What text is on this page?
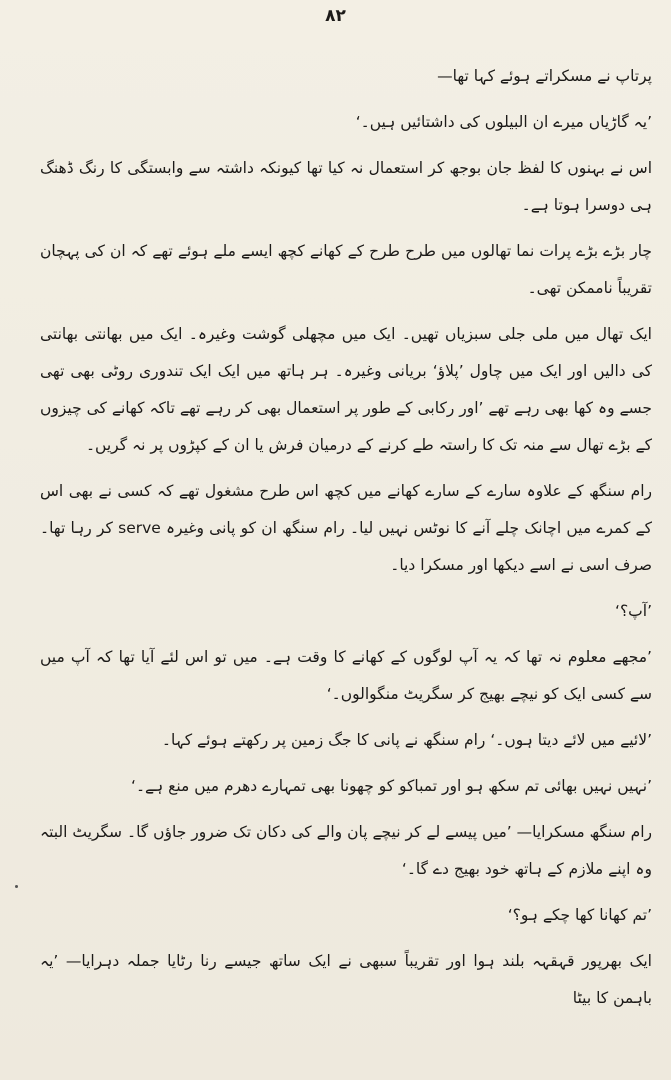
۸۲

پرتاپ نے مسکراتے ہوئے کہا تھا—

’یہ گاڑیاں میرے ان البیلوں کی داشتائیں ہیں۔‘

اس نے بہنوں کا لفظ جان بوجھ کر استعمال نہ کیا تھا کیونکہ داشتہ سے وابستگی کا رنگ ڈھنگ ہی دوسرا ہوتا ہے۔

چار بڑے بڑے پرات نما تھالوں میں طرح طرح کے کھانے کچھ ایسے ملے ہوئے تھے کہ ان کی پہچان تقریباً ناممکن تھی۔

ایک تھال میں ملی جلی سبزیاں تھیں۔ ایک میں مچھلی گوشت وغیرہ۔ ایک میں بھانتی بھانتی کی دالیں اور ایک میں چاول ’پلاؤ‘ بریانی وغیرہ۔ ہر ہاتھ میں ایک ایک تندوری روٹی بھی تھی جسے وہ کھا بھی رہے تھے ’اور رکابی کے طور پر استعمال بھی کر رہے تھے تاکہ کھانے کی چیزوں کے بڑے تھال سے منہ تک کا راستہ طے کرنے کے درمیان فرش یا ان کے کپڑوں پر نہ گریں۔

رام سنگھ کے علاوہ سارے کے سارے کھانے میں کچھ اس طرح مشغول تھے کہ کسی نے بھی اس کے کمرے میں اچانک چلے آنے کا نوٹس نہیں لیا۔ رام سنگھ ان کو پانی وغیرہ serve کر رہا تھا۔ صرف اسی نے اسے دیکھا اور مسکرا دیا۔

’آپ؟‘

’مجھے معلوم نہ تھا کہ یہ آپ لوگوں کے کھانے کا وقت ہے۔ میں تو اس لئے آیا تھا کہ آپ میں سے کسی ایک کو نیچے بھیج کر سگریٹ منگوالوں۔‘

’لائیے میں لائے دیتا ہوں۔‘ رام سنگھ نے پانی کا جگ زمین پر رکھتے ہوئے کہا۔

’نہیں نہیں بھائی تم سکھ ہو اور تمباکو کو چھونا بھی تمہارے دھرم میں منع ہے۔‘

رام سنگھ مسکرایا— ’میں پیسے لے کر نیچے پان والے کی دکان تک ضرور جاؤں گا۔ سگریٹ البتہ وہ اپنے ملازم کے ہاتھ خود بھیج دے گا۔‘

’تم کھانا کھا چکے ہو؟‘

ایک بھرپور قہقہہ بلند ہوا اور تقریباً سبھی نے ایک ساتھ جیسے رنا رٹایا جملہ دہرایا— ’یہ باہمن کا بیٹا
